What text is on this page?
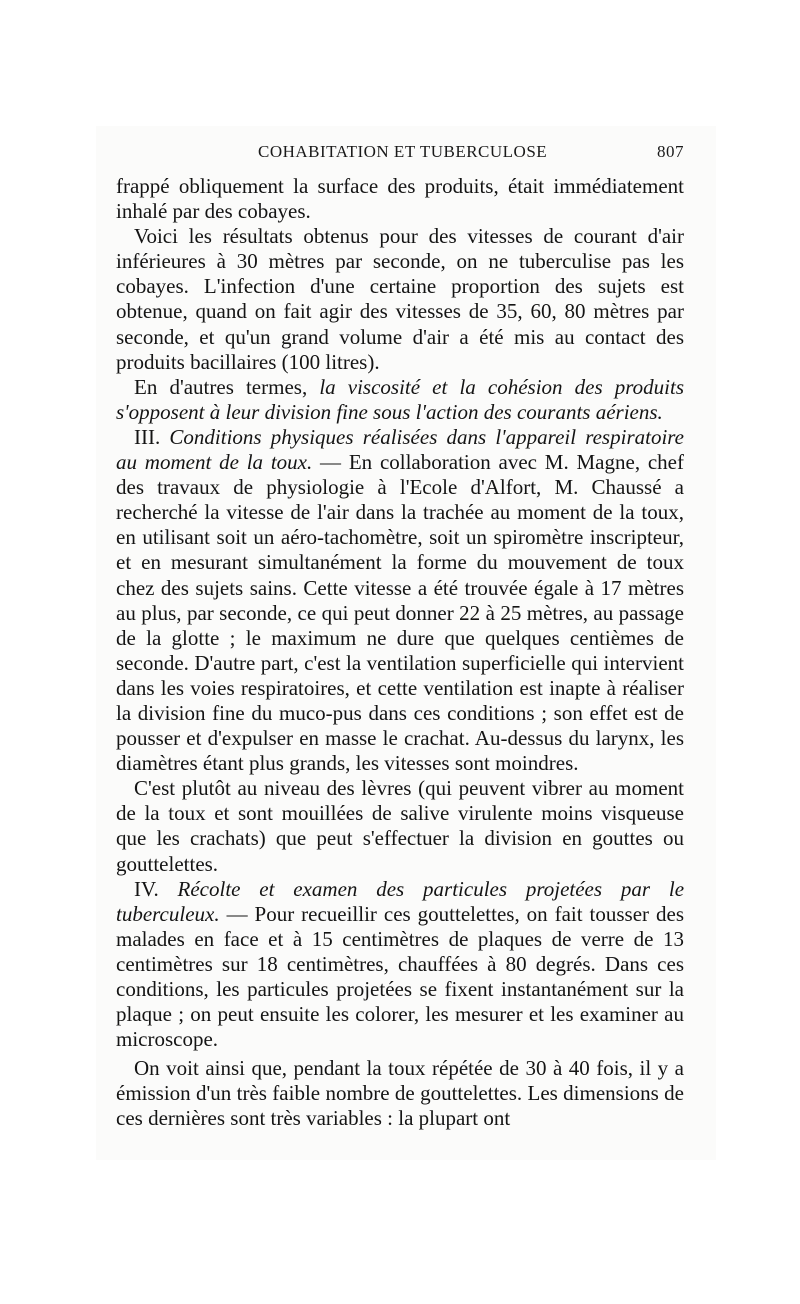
COHABITATION ET TUBERCULOSE	807

frappé obliquement la surface des produits, était immédiatement inhalé par des cobayes.

Voici les résultats obtenus pour des vitesses de courant d'air inférieures à 30 mètres par seconde, on ne tuberculise pas les cobayes. L'infection d'une certaine proportion des sujets est obtenue, quand on fait agir des vitesses de 35, 60, 80 mètres par seconde, et qu'un grand volume d'air a été mis au contact des produits bacillaires (100 litres).

En d'autres termes, la viscosité et la cohésion des produits s'opposent à leur division fine sous l'action des courants aériens.

III. Conditions physiques réalisées dans l'appareil respiratoire au moment de la toux. — En collaboration avec M. Magne, chef des travaux de physiologie à l'Ecole d'Alfort, M. Chaussé a recherché la vitesse de l'air dans la trachée au moment de la toux, en utilisant soit un aéro-tachomètre, soit un spiromètre inscripteur, et en mesurant simultanément la forme du mouvement de toux chez des sujets sains. Cette vitesse a été trouvée égale à 17 mètres au plus, par seconde, ce qui peut donner 22 à 25 mètres, au passage de la glotte ; le maximum ne dure que quelques centièmes de seconde. D'autre part, c'est la ventilation superficielle qui intervient dans les voies respiratoires, et cette ventilation est inapte à réaliser la division fine du muco-pus dans ces conditions ; son effet est de pousser et d'expulser en masse le crachat. Au-dessus du larynx, les diamètres étant plus grands, les vitesses sont moindres.

C'est plutôt au niveau des lèvres (qui peuvent vibrer au moment de la toux et sont mouillées de salive virulente moins visqueuse que les crachats) que peut s'effectuer la division en gouttes ou gouttelettes.

IV. Récolte et examen des particules projetées par le tuberculeux. — Pour recueillir ces gouttelettes, on fait tousser des malades en face et à 15 centimètres de plaques de verre de 13 centimètres sur 18 centimètres, chauffées à 80 degrés. Dans ces conditions, les particules projetées se fixent instantanément sur la plaque ; on peut ensuite les colorer, les mesurer et les examiner au microscope.

On voit ainsi que, pendant la toux répétée de 30 à 40 fois, il y a émission d'un très faible nombre de gouttelettes. Les dimensions de ces dernières sont très variables : la plupart ont
